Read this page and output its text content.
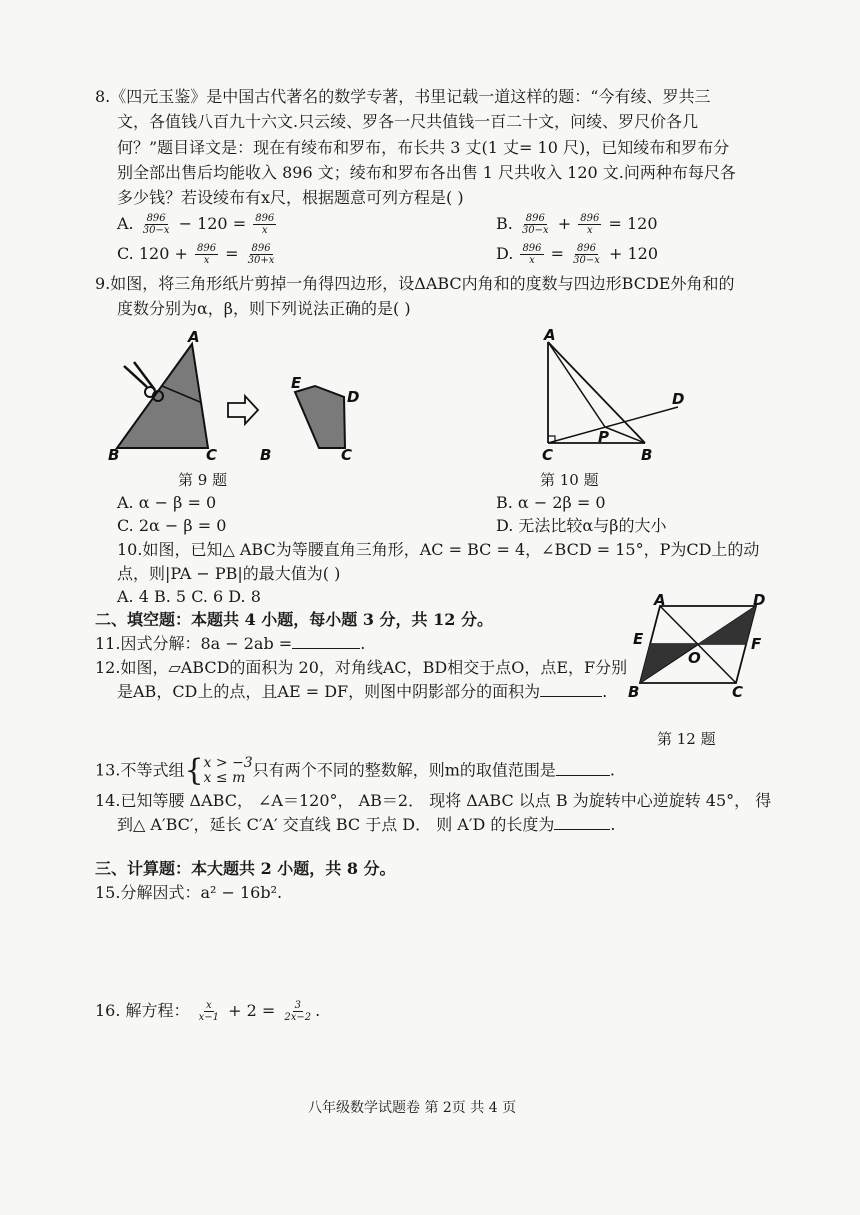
8.《四元玉鉴》是中国古代著名的数学专著，书里记载一道这样的题：“今有绫、罗共三
文，各值钱八百九十六文.只云绫、罗各一尺共值钱一百二十文，问绫、罗尺价各几
何？”题目译文是：现在有绫布和罗布，布长共 3 丈(1 丈= 10 尺)，已知绫布和罗布分
别全部出售后均能收入 896 文；绫布和罗布各出售 1 尺共收入 120 文.问两种布每尺各
多少钱？若设绫布有x尺，根据题意可列方程是( )
A. $\frac{896}{30-x} - 120 = \frac{896}{x}$	B. $\frac{896}{30-x} + \frac{896}{x} = 120$
C. $120 + \frac{896}{x} = \frac{896}{30+x}$	D. $\frac{896}{x} = \frac{896}{30-x} + 120$
9.如图，将三角形纸片剪掉一角得四边形，设ΔABC内角和的度数与四边形BCDE外角和的
度数分别为α，β，则下列说法正确的是( )
A
B	C
E
D
B	C
第 9 题
A
C	B
D
P
第 10 题
A. α − β = 0	B. α − 2β = 0
C. 2α − β = 0	D. 无法比较α与β的大小
10.如图，已知△ ABC为等腰直角三角形，AC = BC = 4，∠BCD = 15°，P为CD上的动
点，则|PA − PB|的最大值为( )
A. 4 B. 5 C. 6 D. 8
二、填空题：本题共 4 小题，每小题 3 分，共 12 分。
11.因式分解：8a − 2ab =	.
12.如图，▱ABCD的面积为 20，对角线AC，BD相交于点O，点E，F分别
是AB，CD上的点，且AE = DF，则图中阴影部分的面积为	.
A	D
E	F
O
B	C
第 12 题
13.不等式组{ x > −3
x ≤ m 只有两个不同的整数解，则m的取值范围是	.
14.已知等腰 ΔABC， ∠A＝120°， AB＝2． 现将 ΔABC 以点 B 为旋转中心逆旋转 45°， 得
到△ A′BC′，延长 C′A′ 交直线 BC 于点 D． 则 A′D 的长度为	.
三、计算题：本大题共 2 小题，共 8 分。
15.分解因式：a² − 16b².
16. 解方程： $\frac{x}{x-1} + 2 = \frac{3}{2x-2}$ .
八年级数学试题卷 第 2页 共 4 页
